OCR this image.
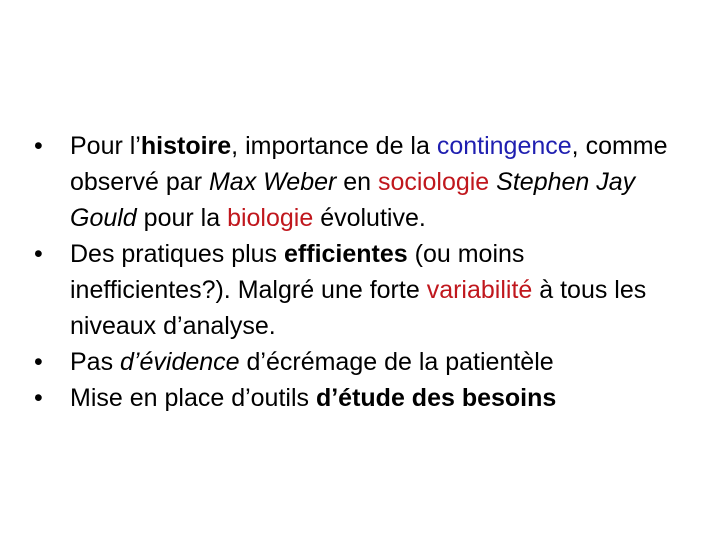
•	Pour l’histoire, importance de la contingence, comme observé par Max Weber en sociologie Stephen Jay Gould pour la biologie évolutive.
•	Des pratiques plus efficientes (ou moins inefficientes?). Malgré une forte variabilité à tous les niveaux d’analyse.
•	Pas d’évidence d’écrémage de la patientèle
•	Mise en place d’outils d’étude des besoins
